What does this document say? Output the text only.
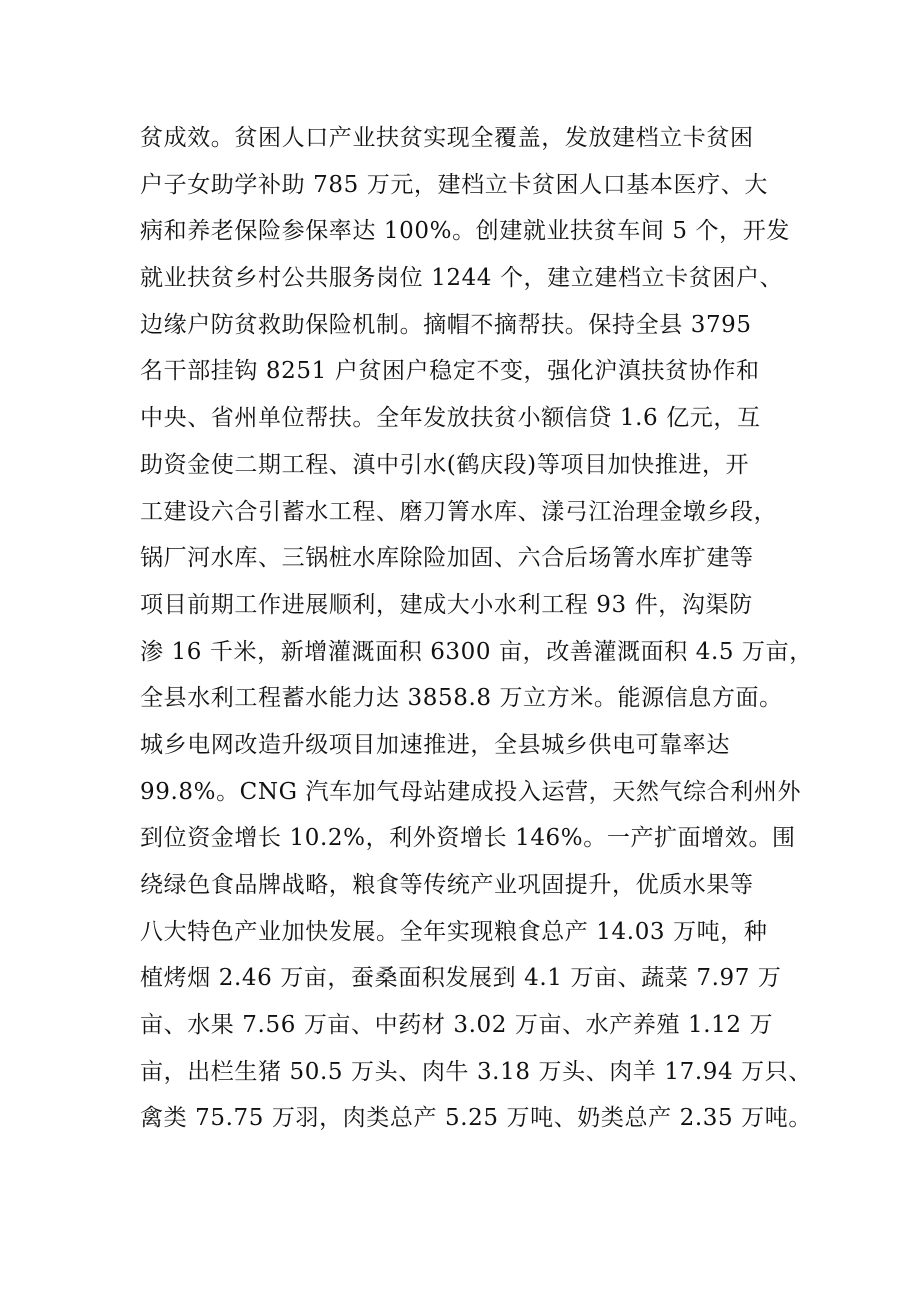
贫成效。贫困人口产业扶贫实现全覆盖，发放建档立卡贫困
户子女助学补助 785 万元，建档立卡贫困人口基本医疗、大
病和养老保险参保率达 100%。创建就业扶贫车间 5 个，开发
就业扶贫乡村公共服务岗位 1244 个，建立建档立卡贫困户、
边缘户防贫救助保险机制。摘帽不摘帮扶。保持全县 3795
名干部挂钩 8251 户贫困户稳定不变，强化沪滇扶贫协作和
中央、省州单位帮扶。全年发放扶贫小额信贷 1.6 亿元，互
助资金使二期工程、滇中引水(鹤庆段)等项目加快推进，开
工建设六合引蓄水工程、磨刀箐水库、漾弓江治理金墩乡段，
锅厂河水库、三锅桩水库除险加固、六合后场箐水库扩建等
项目前期工作进展顺利，建成大小水利工程 93 件，沟渠防
渗 16 千米，新增灌溉面积 6300 亩，改善灌溉面积 4.5 万亩，
全县水利工程蓄水能力达 3858.8 万立方米。能源信息方面。
城乡电网改造升级项目加速推进，全县城乡供电可靠率达
99.8%。CNG 汽车加气母站建成投入运营，天然气综合利州外
到位资金增长 10.2%，利外资增长 146%。一产扩面增效。围
绕绿色食品牌战略，粮食等传统产业巩固提升，优质水果等
八大特色产业加快发展。全年实现粮食总产 14.03 万吨，种
植烤烟 2.46 万亩，蚕桑面积发展到 4.1 万亩、蔬菜 7.97 万
亩、水果 7.56 万亩、中药材 3.02 万亩、水产养殖 1.12 万
亩，出栏生猪 50.5 万头、肉牛 3.18 万头、肉羊 17.94 万只、
禽类 75.75 万羽，肉类总产 5.25 万吨、奶类总产 2.35 万吨。
